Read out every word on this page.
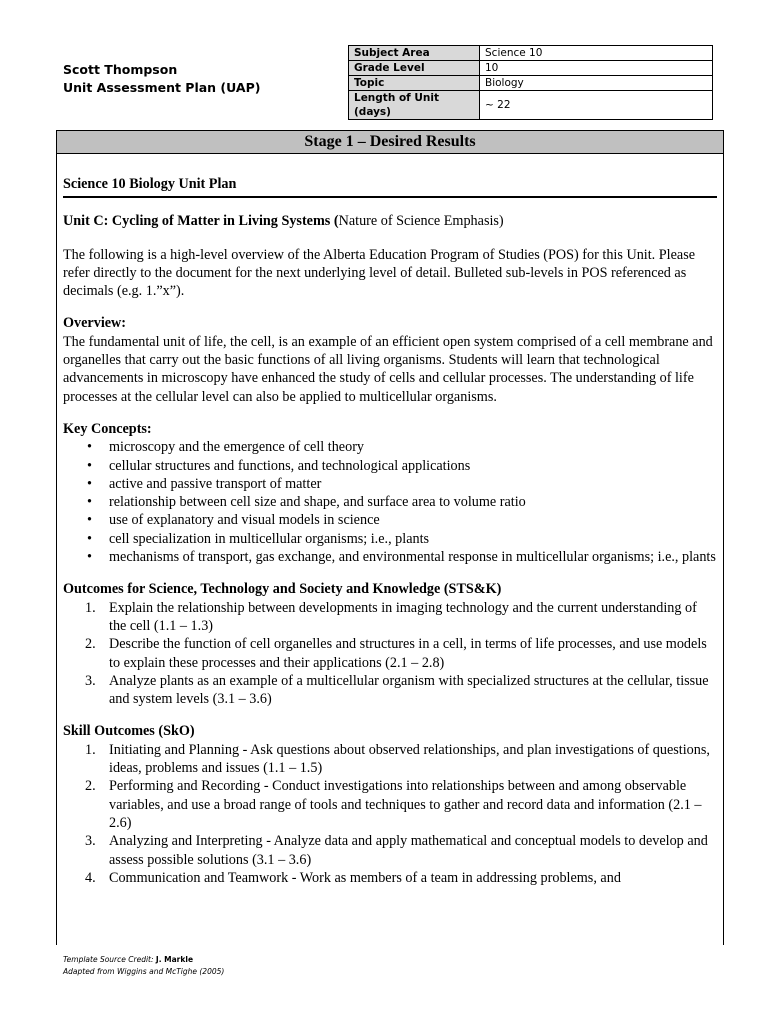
Scott Thompson
Unit Assessment Plan (UAP)
Subject Area	Science 10
Grade Level	10
Topic	Biology
Length of Unit (days)	~ 22
Stage 1 – Desired Results
Science 10 Biology Unit Plan
Unit C: Cycling of Matter in Living Systems (Nature of Science Emphasis)

The following is a high-level overview of the Alberta Education Program of Studies (POS) for this Unit. Please refer directly to the document for the next underlying level of detail. Bulleted sub-levels in POS referenced as decimals (e.g. 1.”x”).

Overview:

The fundamental unit of life, the cell, is an example of an efficient open system comprised of a cell membrane and organelles that carry out the basic functions of all living organisms. Students will learn that technological advancements in microscopy have enhanced the study of cells and cellular processes. The understanding of life processes at the cellular level can also be applied to multicellular organisms.

Key Concepts:
• microscopy and the emergence of cell theory
• cellular structures and functions, and technological applications
• active and passive transport of matter
• relationship between cell size and shape, and surface area to volume ratio
• use of explanatory and visual models in science
• cell specialization in multicellular organisms; i.e., plants
• mechanisms of transport, gas exchange, and environmental response in multicellular organisms; i.e., plants
Outcomes for Science, Technology and Society and Knowledge (STS&K)
1. Explain the relationship between developments in imaging technology and the current understanding of the cell (1.1 – 1.3)
2. Describe the function of cell organelles and structures in a cell, in terms of life processes, and use models to explain these processes and their applications (2.1 – 2.8)
3. Analyze plants as an example of a multicellular organism with specialized structures at the cellular, tissue and system levels (3.1 – 3.6)
Skill Outcomes (SkO)
1. Initiating and Planning - Ask questions about observed relationships, and plan investigations of questions, ideas, problems and issues (1.1 – 1.5)
2. Performing and Recording - Conduct investigations into relationships between and among observable variables, and use a broad range of tools and techniques to gather and record data and information (2.1 – 2.6)
3. Analyzing and Interpreting - Analyze data and apply mathematical and conceptual models to develop and assess possible solutions (3.1 – 3.6)
4. Communication and Teamwork - Work as members of a team in addressing problems, and
Template Source Credit: J. Markle
Adapted from Wiggins and McTighe (2005)
